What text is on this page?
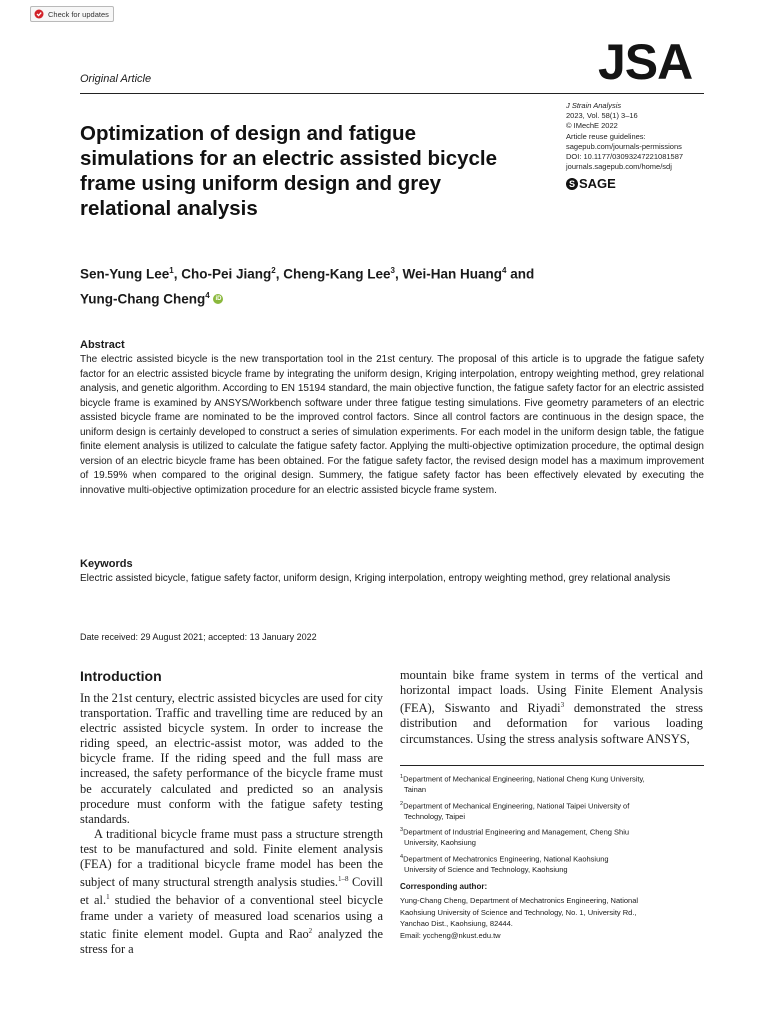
Check for updates
Original Article	JSA
J Strain Analysis
2023, Vol. 58(1) 3–16
© IMechE 2022
Article reuse guidelines:
sagepub.com/journals-permissions
DOI: 10.1177/03093247221081587
journals.sagepub.com/home/sdj
S SAGE
Optimization of design and fatigue simulations for an electric assisted bicycle frame using uniform design and grey relational analysis
Sen-Yung Lee$^1$, Cho-Pei Jiang$^2$, Cheng-Kang Lee$^3$, Wei-Han Huang$^4$ and
Yung-Chang Cheng$^4$ iD
Abstract
The electric assisted bicycle is the new transportation tool in the 21st century. The proposal of this article is to upgrade the fatigue safety factor for an electric assisted bicycle frame by integrating the uniform design, Kriging interpolation, entropy weighting method, grey relational analysis, and genetic algorithm. According to EN 15194 standard, the main objective function, the fatigue safety factor for an electric assisted bicycle frame is examined by ANSYS/Workbench software under three fatigue testing simulations. Five geometry parameters of an electric assisted bicycle frame are nominated to be the improved control factors. Since all control factors are continuous in the design space, the uniform design is certainly developed to construct a series of simulation experiments. For each model in the uniform design table, the fatigue finite element analysis is utilized to calculate the fatigue safety factor. Applying the multi-objective optimization procedure, the optimal design version of an electric bicycle frame has been obtained. For the fatigue safety factor, the revised design model has a maximum improvement of 19.59% when compared to the original design. Summery, the fatigue safety factor has been effectively elevated by executing the innovative multi-objective optimization procedure for an electric assisted bicycle frame system.
Keywords
Electric assisted bicycle, fatigue safety factor, uniform design, Kriging interpolation, entropy weighting method, grey relational analysis
Date received: 29 August 2021; accepted: 13 January 2022
Introduction

In the 21st century, electric assisted bicycles are used for city transportation. Traffic and travelling time are reduced by an electric assisted bicycle system. In order to increase the riding speed, an electric-assist motor, was added to the bicycle frame. If the riding speed and the full mass are increased, the safety performance of the bicycle frame must be accurately calculated and predicted so an analysis procedure must conform with the fatigue safety testing standards.

A traditional bicycle frame must pass a structure strength test to be manufactured and sold. Finite element analysis (FEA) for a traditional bicycle frame model has been the subject of many structural strength analysis studies.$^{1-8}$ Covill et al.$^1$ studied the behavior of a conventional steel bicycle frame under a variety of measured load scenarios using a static finite element model. Gupta and Rao$^2$ analyzed the stress for a

mountain bike frame system in terms of the vertical and horizontal impact loads. Using Finite Element Analysis (FEA), Siswanto and Riyadi$^3$ demonstrated the stress distribution and deformation for various loading circumstances. Using the stress analysis software ANSYS,

$^1$Department of Mechanical Engineering, National Cheng Kung University,
Tainan
$^2$Department of Mechanical Engineering, National Taipei University of
Technology, Taipei
$^3$Department of Industrial Engineering and Management, Cheng Shiu
University, Kaohsiung
$^4$Department of Mechatronics Engineering, National Kaohsiung
University of Science and Technology, Kaohsiung
Corresponding author:
Yung-Chang Cheng, Department of Mechatronics Engineering, National
Kaohsiung University of Science and Technology, No. 1, University Rd.,
Yanchao Dist., Kaohsiung, 82444.
Email: yccheng@nkust.edu.tw
